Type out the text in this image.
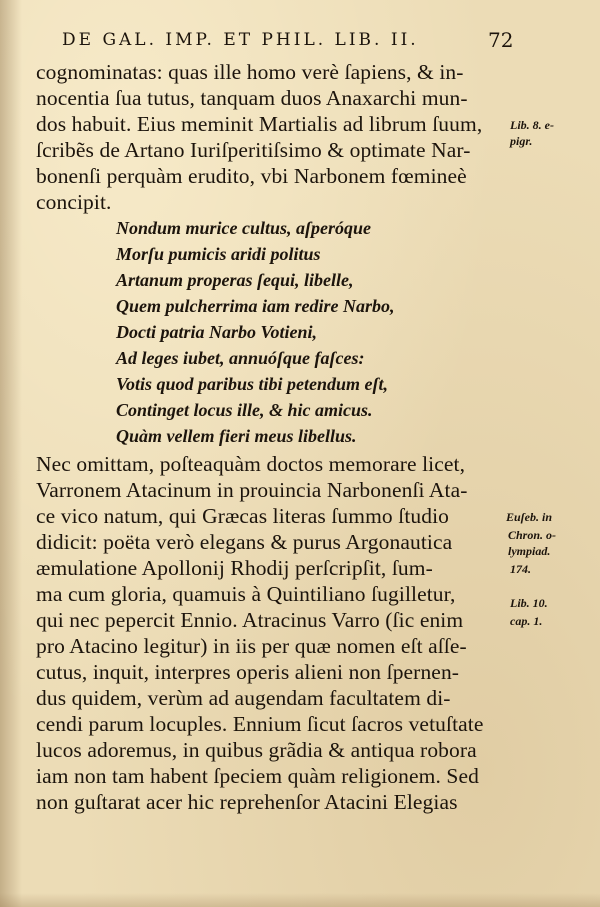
DE GAL. IMP. ET PHIL. LIB. II.	72
cognominatas: quas ille homo verè ſapiens, & in-
nocentia ſua tutus, tanquam duos Anaxarchi mun-
dos habuit. Eius meminit Martialis ad librum ſuum,
ſcribẽs de Artano Iuriſperitiſsimo & optimate Nar-
bonenſi perquàm erudito, vbi Narbonem fœmineè
concipit.
Nondum murice cultus, aſperóque
Morſu pumicis aridi politus
Artanum properas ſequi, libelle,
Quem pulcherrima iam redire Narbo,
Docti patria Narbo Votieni,
Ad leges iubet, annuóſque faſces:
Votis quod paribus tibi petendum eſt,
Continget locus ille, & hic amicus.
Quàm vellem fieri meus libellus.
Nec omittam, poſteaquàm doctos memorare licet,
Varronem Atacinum in prouincia Narbonenſi Ata-
ce vico natum, qui Græcas literas ſummo ſtudio
didicit: poëta verò elegans & purus Argonautica
æmulatione Apollonij Rhodij perſcripſit, ſum-
ma cum gloria, quamuis à Quintiliano ſugilletur,
qui nec pepercit Ennio. Atracinus Varro (ſic enim
pro Atacino legitur) in iis per quæ nomen eſt aſſe-
cutus, inquit, interpres operis alieni non ſpernen-
dus quidem, verùm ad augendam facultatem di-
cendi parum locuples. Ennium ſicut ſacros vetuſtate
lucos adoremus, in quibus grãdia & antiqua robora
iam non tam habent ſpeciem quàm religionem. Sed
non guſtarat acer hic reprehenſor Atacini Elegias
Lib. 8. e-
pigr.
Euſeb. in
Chron. o-
lympiad.
174.
Lib. 10.
cap. 1.
